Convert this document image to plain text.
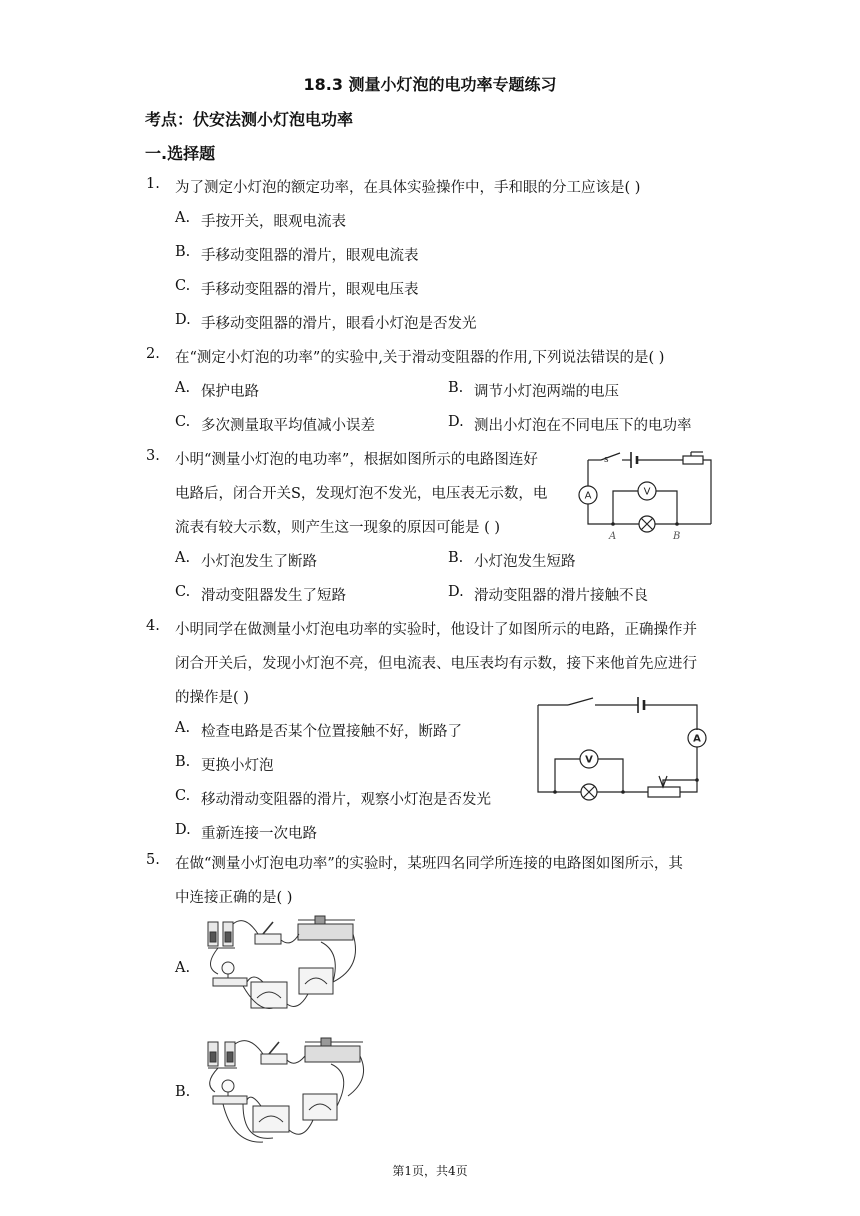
18.3 测量小灯泡的电功率专题练习
考点：伏安法测小灯泡电功率
一.选择题
1. 为了测定小灯泡的额定功率，在具体实验操作中，手和眼的分工应该是( )
A. 手按开关，眼观电流表
B. 手移动变阻器的滑片，眼观电流表
C. 手移动变阻器的滑片，眼观电压表
D. 手移动变阻器的滑片，眼看小灯泡是否发光
2. 在“测定小灯泡的功率”的实验中,关于滑动变阻器的作用,下列说法错误的是( )
A. 保护电路	B. 调节小灯泡两端的电压
C. 多次测量取平均值减小误差	D. 测出小灯泡在不同电压下的电功率
3. 小明“测量小灯泡的电功率”，根据如图所示的电路图连好
电路后，闭合开关S，发现灯泡不发光，电压表无示数，电
流表有较大示数，则产生这一现象的原因可能是 ( )
A. 小灯泡发生了断路	B. 小灯泡发生短路
C. 滑动变阻器发生了短路	D. 滑动变阻器的滑片接触不良
s
A	V
A	B
4. 小明同学在做测量小灯泡电功率的实验时，他设计了如图所示的电路，正确操作并
闭合开关后，发现小灯泡不亮，但电流表、电压表均有示数，接下来他首先应进行
的操作是( )
A. 检查电路是否某个位置接触不好，断路了
B. 更换小灯泡
C. 移动滑动变阻器的滑片，观察小灯泡是否发光
D. 重新连接一次电路
A
V
5. 在做“测量小灯泡电功率”的实验时，某班四名同学所连接的电路图如图所示，其
中连接正确的是( )
A.
B.
第1页，共4页
